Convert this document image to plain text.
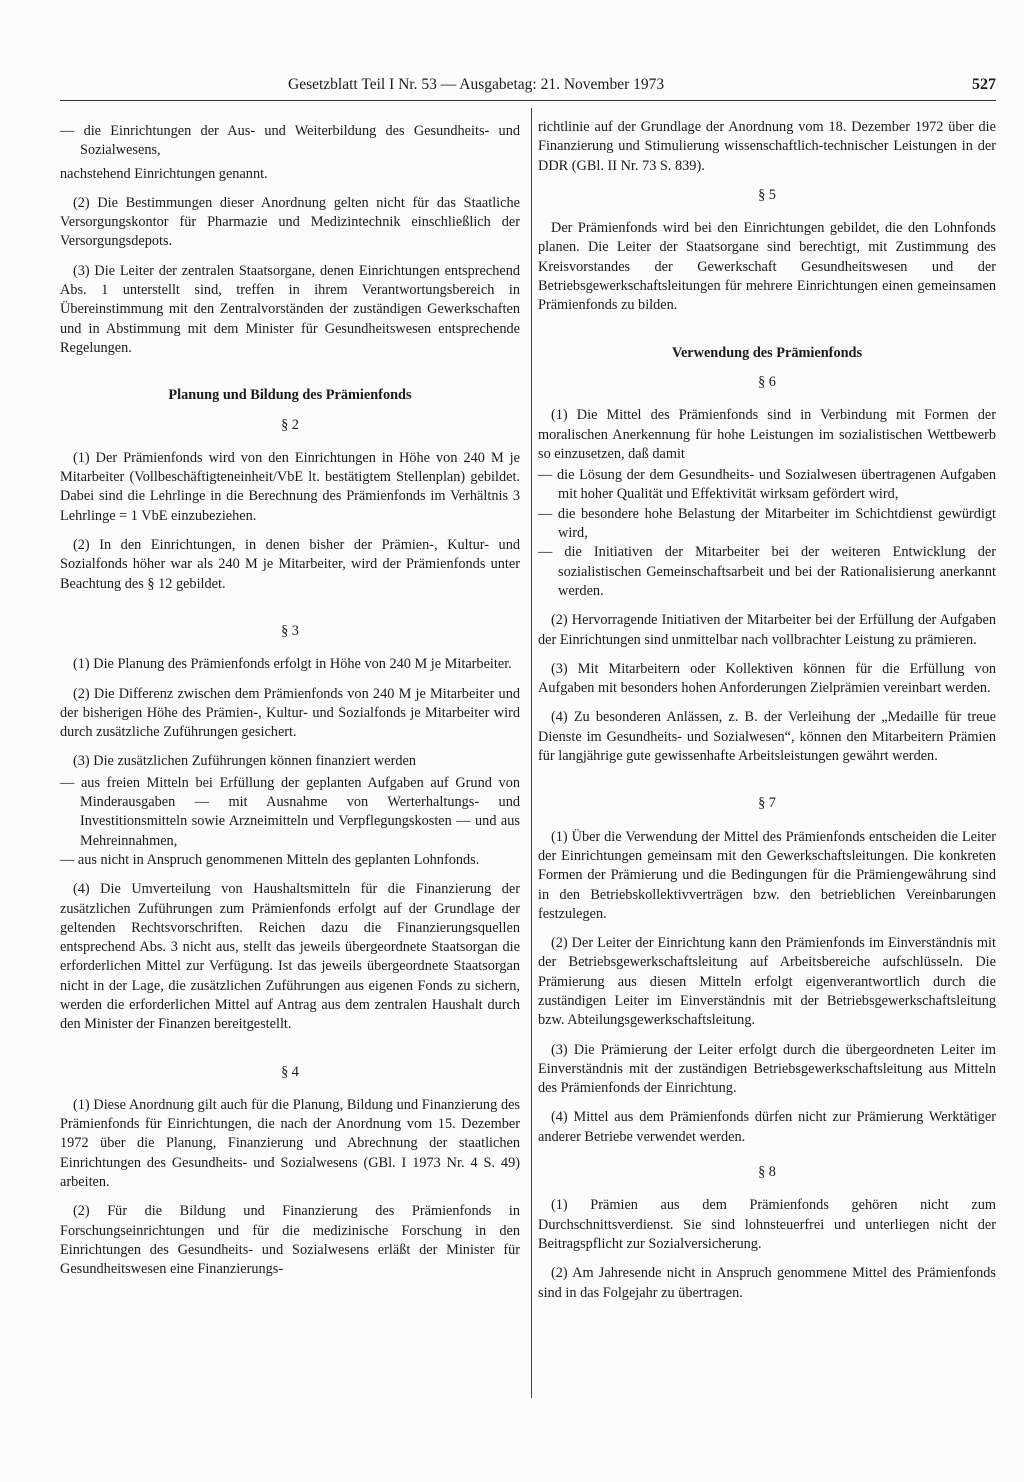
Gesetzblatt Teil I Nr. 53 — Ausgabetag: 21. November 1973	527

— die Einrichtungen der Aus- und Weiterbildung des Gesundheits- und Sozialwesens,

nachstehend Einrichtungen genannt.

(2) Die Bestimmungen dieser Anordnung gelten nicht für das Staatliche Versorgungskontor für Pharmazie und Medizintechnik einschließlich der Versorgungsdepots.

(3) Die Leiter der zentralen Staatsorgane, denen Einrichtungen entsprechend Abs. 1 unterstellt sind, treffen in ihrem Verantwortungsbereich in Übereinstimmung mit den Zentralvorständen der zuständigen Gewerkschaften und in Abstimmung mit dem Minister für Gesundheitswesen entsprechende Regelungen.

Planung und Bildung des Prämienfonds

§ 2

(1) Der Prämienfonds wird von den Einrichtungen in Höhe von 240 M je Mitarbeiter (Vollbeschäftigteneinheit/VbE lt. bestätigtem Stellenplan) gebildet. Dabei sind die Lehrlinge in die Berechnung des Prämienfonds im Verhältnis 3 Lehrlinge = 1 VbE einzubeziehen.

(2) In den Einrichtungen, in denen bisher der Prämien-, Kultur- und Sozialfonds höher war als 240 M je Mitarbeiter, wird der Prämienfonds unter Beachtung des § 12 gebildet.

§ 3

(1) Die Planung des Prämienfonds erfolgt in Höhe von 240 M je Mitarbeiter.

(2) Die Differenz zwischen dem Prämienfonds von 240 M je Mitarbeiter und der bisherigen Höhe des Prämien-, Kultur- und Sozialfonds je Mitarbeiter wird durch zusätzliche Zuführungen gesichert.

(3) Die zusätzlichen Zuführungen können finanziert werden

— aus freien Mitteln bei Erfüllung der geplanten Aufgaben auf Grund von Minderausgaben — mit Ausnahme von Werterhaltungs- und Investitionsmitteln sowie Arzneimitteln und Verpflegungskosten — und aus Mehreinnahmen,

— aus nicht in Anspruch genommenen Mitteln des geplanten Lohnfonds.

(4) Die Umverteilung von Haushaltsmitteln für die Finanzierung der zusätzlichen Zuführungen zum Prämienfonds erfolgt auf der Grundlage der geltenden Rechtsvorschriften. Reichen dazu die Finanzierungsquellen entsprechend Abs. 3 nicht aus, stellt das jeweils übergeordnete Staatsorgan die erforderlichen Mittel zur Verfügung. Ist das jeweils übergeordnete Staatsorgan nicht in der Lage, die zusätzlichen Zuführungen aus eigenen Fonds zu sichern, werden die erforderlichen Mittel auf Antrag aus dem zentralen Haushalt durch den Minister der Finanzen bereitgestellt.

§ 4

(1) Diese Anordnung gilt auch für die Planung, Bildung und Finanzierung des Prämienfonds für Einrichtungen, die nach der Anordnung vom 15. Dezember 1972 über die Planung, Finanzierung und Abrechnung der staatlichen Einrichtungen des Gesundheits- und Sozialwesens (GBl. I 1973 Nr. 4 S. 49) arbeiten.

(2) Für die Bildung und Finanzierung des Prämienfonds in Forschungseinrichtungen und für die medizinische Forschung in den Einrichtungen des Gesundheits- und Sozialwesens erläßt der Minister für Gesundheitswesen eine Finanzierungs-

richtlinie auf der Grundlage der Anordnung vom 18. Dezember 1972 über die Finanzierung und Stimulierung wissenschaftlich-technischer Leistungen in der DDR (GBl. II Nr. 73 S. 839).

§ 5

Der Prämienfonds wird bei den Einrichtungen gebildet, die den Lohnfonds planen. Die Leiter der Staatsorgane sind berechtigt, mit Zustimmung des Kreisvorstandes der Gewerkschaft Gesundheitswesen und der Betriebsgewerkschaftsleitungen für mehrere Einrichtungen einen gemeinsamen Prämienfonds zu bilden.

Verwendung des Prämienfonds

§ 6

(1) Die Mittel des Prämienfonds sind in Verbindung mit Formen der moralischen Anerkennung für hohe Leistungen im sozialistischen Wettbewerb so einzusetzen, daß damit

— die Lösung der dem Gesundheits- und Sozialwesen übertragenen Aufgaben mit hoher Qualität und Effektivität wirksam gefördert wird,

— die besondere hohe Belastung der Mitarbeiter im Schichtdienst gewürdigt wird,

— die Initiativen der Mitarbeiter bei der weiteren Entwicklung der sozialistischen Gemeinschaftsarbeit und bei der Rationalisierung anerkannt werden.

(2) Hervorragende Initiativen der Mitarbeiter bei der Erfüllung der Aufgaben der Einrichtungen sind unmittelbar nach vollbrachter Leistung zu prämieren.

(3) Mit Mitarbeitern oder Kollektiven können für die Erfüllung von Aufgaben mit besonders hohen Anforderungen Zielprämien vereinbart werden.

(4) Zu besonderen Anlässen, z. B. der Verleihung der „Medaille für treue Dienste im Gesundheits- und Sozialwesen“, können den Mitarbeitern Prämien für langjährige gute gewissenhafte Arbeitsleistungen gewährt werden.

§ 7

(1) Über die Verwendung der Mittel des Prämienfonds entscheiden die Leiter der Einrichtungen gemeinsam mit den Gewerkschaftsleitungen. Die konkreten Formen der Prämierung und die Bedingungen für die Prämiengewährung sind in den Betriebskollektivverträgen bzw. den betrieblichen Vereinbarungen festzulegen.

(2) Der Leiter der Einrichtung kann den Prämienfonds im Einverständnis mit der Betriebsgewerkschaftsleitung auf Arbeitsbereiche aufschlüsseln. Die Prämierung aus diesen Mitteln erfolgt eigenverantwortlich durch die zuständigen Leiter im Einverständnis mit der Betriebsgewerkschaftsleitung bzw. Abteilungsgewerkschaftsleitung.

(3) Die Prämierung der Leiter erfolgt durch die übergeordneten Leiter im Einverständnis mit der zuständigen Betriebsgewerkschaftsleitung aus Mitteln des Prämienfonds der Einrichtung.

(4) Mittel aus dem Prämienfonds dürfen nicht zur Prämierung Werktätiger anderer Betriebe verwendet werden.

§ 8

(1) Prämien aus dem Prämienfonds gehören nicht zum Durchschnittsverdienst. Sie sind lohnsteuerfrei und unterliegen nicht der Beitragspflicht zur Sozialversicherung.

(2) Am Jahresende nicht in Anspruch genommene Mittel des Prämienfonds sind in das Folgejahr zu übertragen.
